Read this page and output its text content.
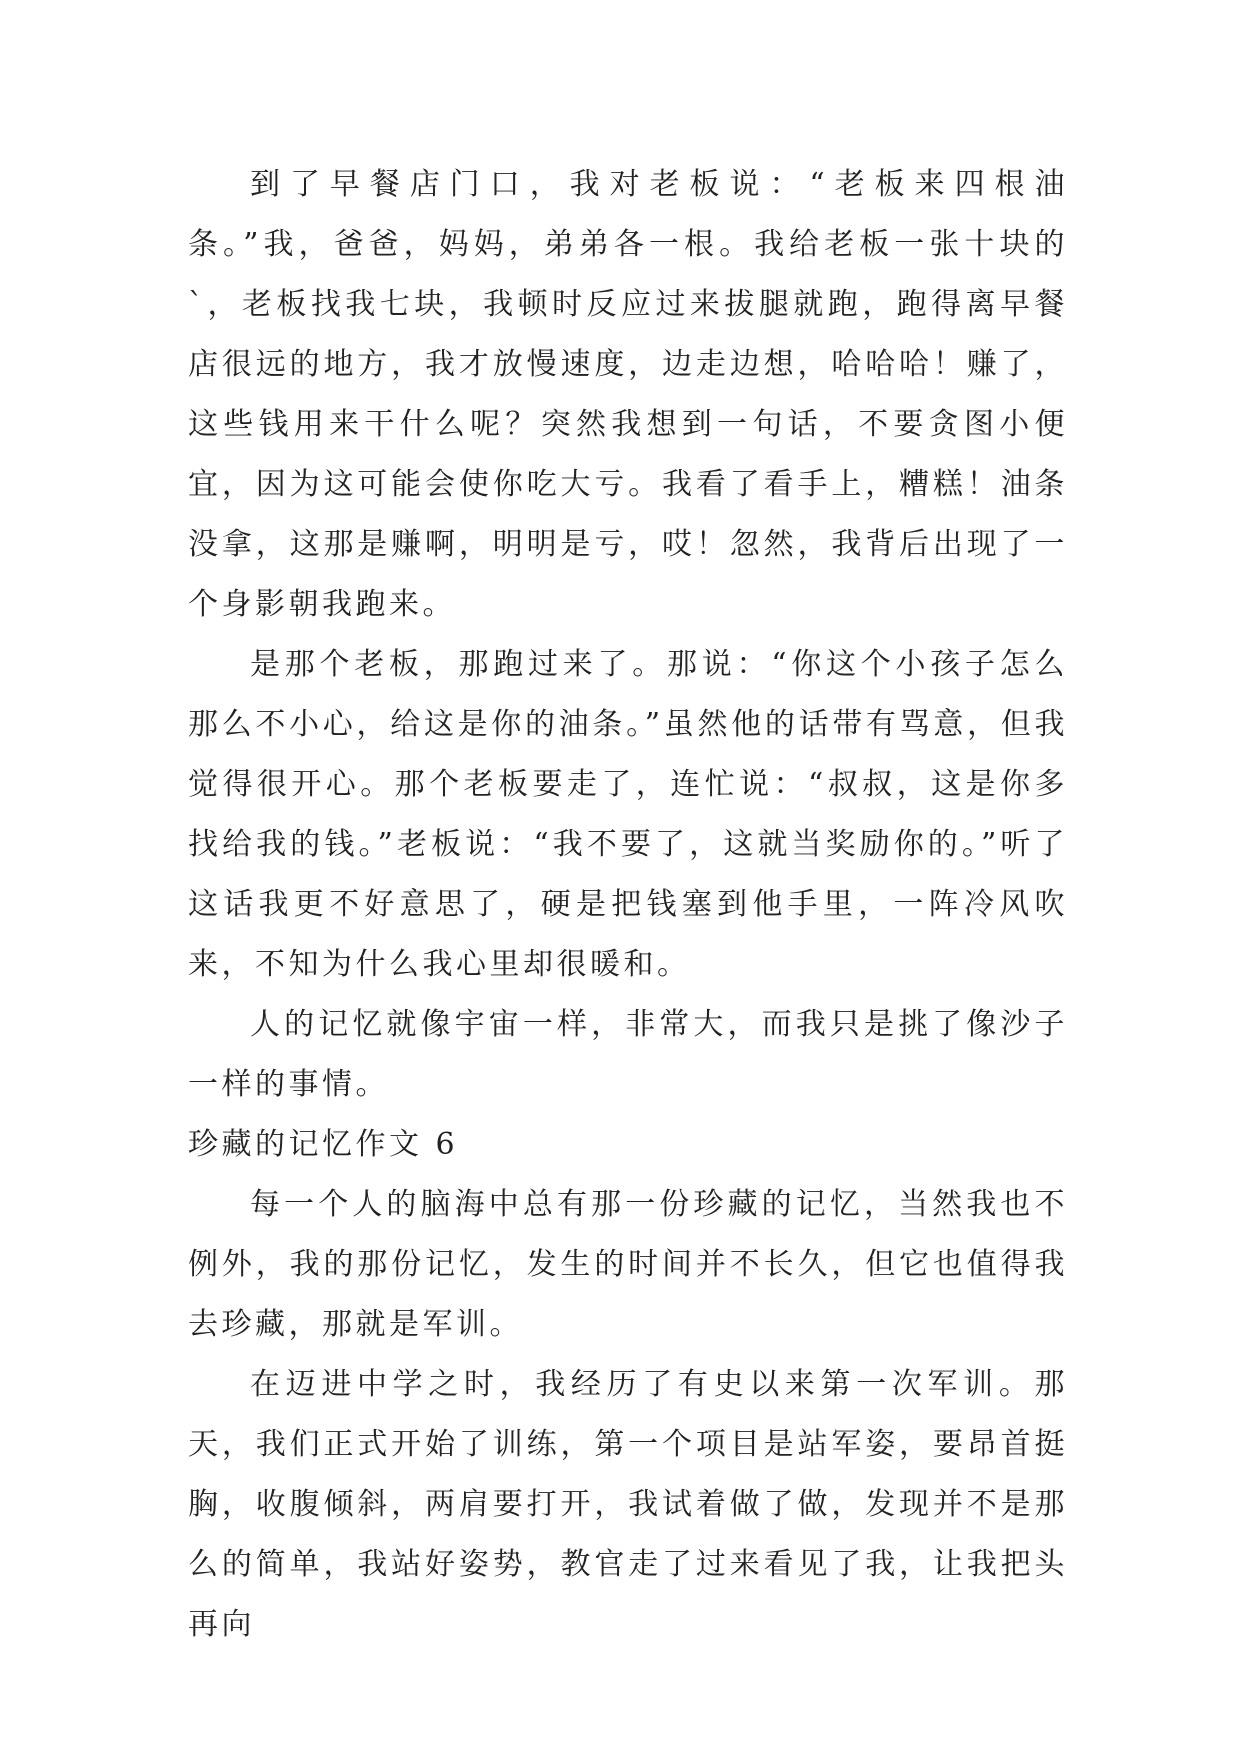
到了早餐店门口，我对老板说：“老板来四根油条。”我，爸爸，妈妈，弟弟各一根。我给老板一张十块的`，老板找我七块，我顿时反应过来拔腿就跑，跑得离早餐店很远的地方，我才放慢速度，边走边想，哈哈哈！赚了，这些钱用来干什么呢？突然我想到一句话，不要贪图小便宜，因为这可能会使你吃大亏。我看了看手上，糟糕！油条没拿，这那是赚啊，明明是亏，哎！忽然，我背后出现了一个身影朝我跑来。

是那个老板，那跑过来了。那说：“你这个小孩子怎么那么不小心，给这是你的油条。”虽然他的话带有骂意，但我觉得很开心。那个老板要走了，连忙说：“叔叔，这是你多找给我的钱。”老板说：“我不要了，这就当奖励你的。”听了这话我更不好意思了，硬是把钱塞到他手里，一阵冷风吹来，不知为什么我心里却很暖和。

人的记忆就像宇宙一样，非常大，而我只是挑了像沙子一样的事情。

珍藏的记忆作文 6

每一个人的脑海中总有那一份珍藏的记忆，当然我也不例外，我的那份记忆，发生的时间并不长久，但它也值得我去珍藏，那就是军训。

在迈进中学之时，我经历了有史以来第一次军训。那天，我们正式开始了训练，第一个项目是站军姿，要昂首挺胸，收腹倾斜，两肩要打开，我试着做了做，发现并不是那么的简单，我站好姿势，教官走了过来看见了我，让我把头再向
